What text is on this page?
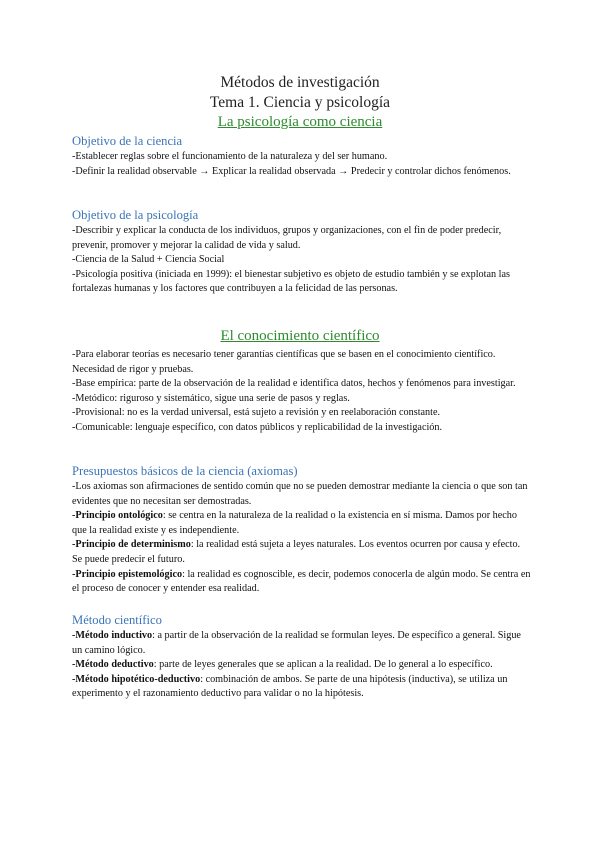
Métodos de investigación
Tema 1. Ciencia y psicología
La psicología como ciencia
Objetivo de la ciencia

-Establecer reglas sobre el funcionamiento de la naturaleza y del ser humano.

-Definir la realidad observable → Explicar la realidad observada → Predecir y controlar dichos fenómenos.

Objetivo de la psicología

-Describir y explicar la conducta de los individuos, grupos y organizaciones, con el fin de poder predecir, prevenir, promover y mejorar la calidad de vida y salud.

-Ciencia de la Salud + Ciencia Social

-Psicología positiva (iniciada en 1999): el bienestar subjetivo es objeto de estudio también y se explotan las fortalezas humanas y los factores que contribuyen a la felicidad de las personas.

El conocimiento científico

-Para elaborar teorías es necesario tener garantías científicas que se basen en el conocimiento científico. Necesidad de rigor y pruebas.

-Base empírica: parte de la observación de la realidad e identifica datos, hechos y fenómenos para investigar.

-Metódico: riguroso y sistemático, sigue una serie de pasos y reglas.

-Provisional: no es la verdad universal, está sujeto a revisión y en reelaboración constante.

-Comunicable: lenguaje específico, con datos públicos y replicabilidad de la investigación.

Presupuestos básicos de la ciencia (axiomas)

-Los axiomas son afirmaciones de sentido común que no se pueden demostrar mediante la ciencia o que son tan evidentes que no necesitan ser demostradas.

-Principio ontológico: se centra en la naturaleza de la realidad o la existencia en sí misma. Damos por hecho que la realidad existe y es independiente.

-Principio de determinismo: la realidad está sujeta a leyes naturales. Los eventos ocurren por causa y efecto. Se puede predecir el futuro.

-Principio epistemológico: la realidad es cognoscible, es decir, podemos conocerla de algún modo. Se centra en el proceso de conocer y entender esa realidad.

Método científico

-Método inductivo: a partir de la observación de la realidad se formulan leyes. De específico a general. Sigue un camino lógico.

-Método deductivo: parte de leyes generales que se aplican a la realidad. De lo general a lo específico.

-Método hipotético-deductivo: combinación de ambos. Se parte de una hipótesis (inductiva), se utiliza un experimento y el razonamiento deductivo para validar o no la hipótesis.
